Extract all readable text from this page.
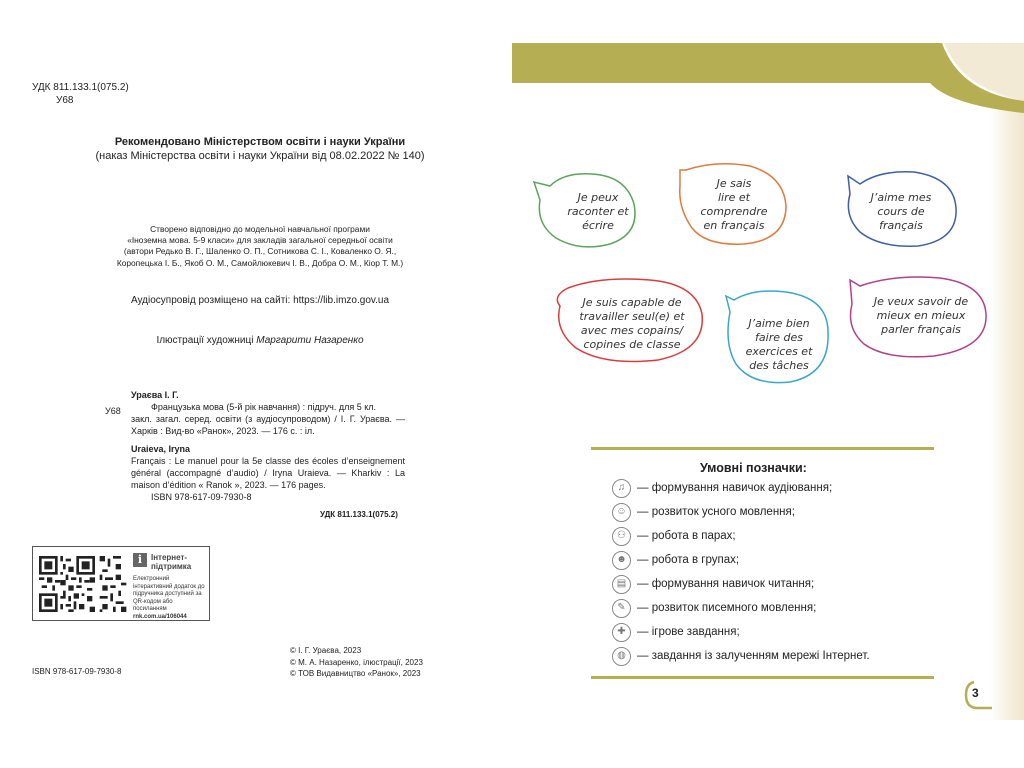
УДК 811.133.1(075.2)
У68
Рекомендовано Міністерством освіти і науки України
(наказ Міністерства освіти і науки України від 08.02.2022 № 140)
Створено відповідно до модельної навчальної програми
«Іноземна мова. 5-9 класи» для закладів загальної середньої освіти
(автори Редько В. Г., Шаленко О. П., Сотникова С. І., Коваленко О. Я.,
Коропецька І. Б., Якоб О. М., Самойлюкевич І. В., Добра О. М., Кіор Т. М.)
Аудіосупровід розміщено на сайті: https://lib.imzo.gov.ua
Ілюстрації художниці Маргарити Назаренко
Ураєва І. Г.
У68	Французька мова (5-й рік навчання) : підруч. для 5 кл.
закл. загал. серед. освіти (з аудіосупроводом) / І. Г. Ураєва. — Харків : Вид-во «Ранок», 2023. — 176 с. : іл.
Uraieva, Iryna
Français : Le manuel pour la 5e classe des écoles d’enseignement général (accompagné d’audio) / Iryna Uraieva. — Kharkiv : La maison d’édition « Ranok », 2023. — 176 pages.
ISBN 978-617-09-7930-8
УДК 811.133.1(075.2)
i	Інтернет-
підтримка
Електронний інтерактивний додаток до підручника доступний за QR-кодом або посиланням
rnk.com.ua/106044
© І. Г. Ураєва, 2023
© М. А. Назаренко, ілюстрації, 2023
© ТОВ Видавництво «Ранок», 2023
ISBN 978-617-09-7930-8
Je peux
raconter et
écrire
Je sais
lire et
comprendre
en français
J’aime mes
cours de
français
Je suis capable de
travailler seul(e) et
avec mes copains/
copines de classe
J’aime bien
faire des
exercices et
des tâches
Je veux savoir de
mieux en mieux
parler français
Умовні позначки:
♫	— формування навичок аудіювання;
☺ — розвиток усного мовлення;
⚇ — робота в парах;
☻ — робота в групах;
▤ — формування навичок читання;
✎ — розвиток писемного мовлення;
✚ — ігрове завдання;
◍ — завдання із залученням мережі Інтернет.
3
